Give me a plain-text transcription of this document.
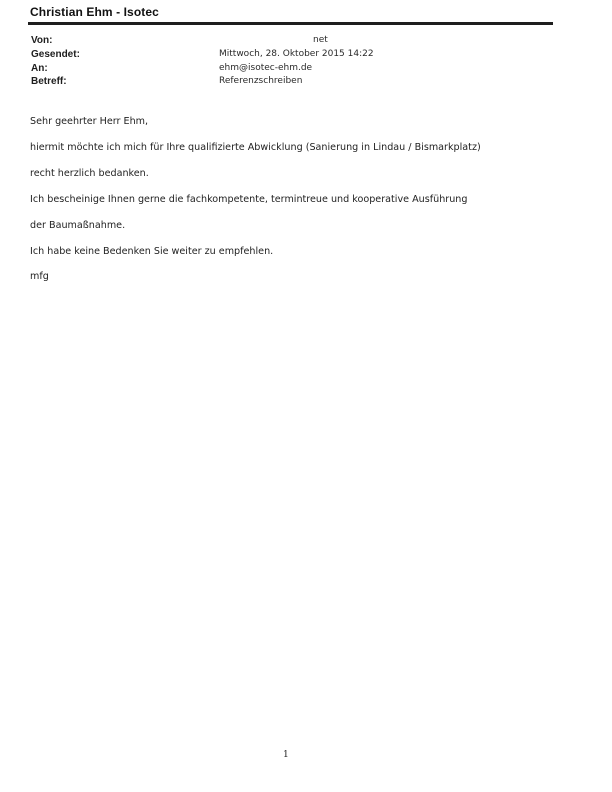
Christian Ehm - Isotec
Von:	net
Gesendet:	Mittwoch, 28. Oktober 2015 14:22
An:	ehm@isotec-ehm.de
Betreff:	Referenzschreiben
Sehr geehrter Herr Ehm,
hiermit möchte ich mich für Ihre qualifizierte Abwicklung (Sanierung in Lindau / Bismarkplatz)
recht herzlich bedanken.
Ich bescheinige Ihnen gerne die fachkompetente, termintreue und kooperative Ausführung
der Baumaßnahme.
Ich habe keine Bedenken Sie weiter zu empfehlen.
mfg
1
